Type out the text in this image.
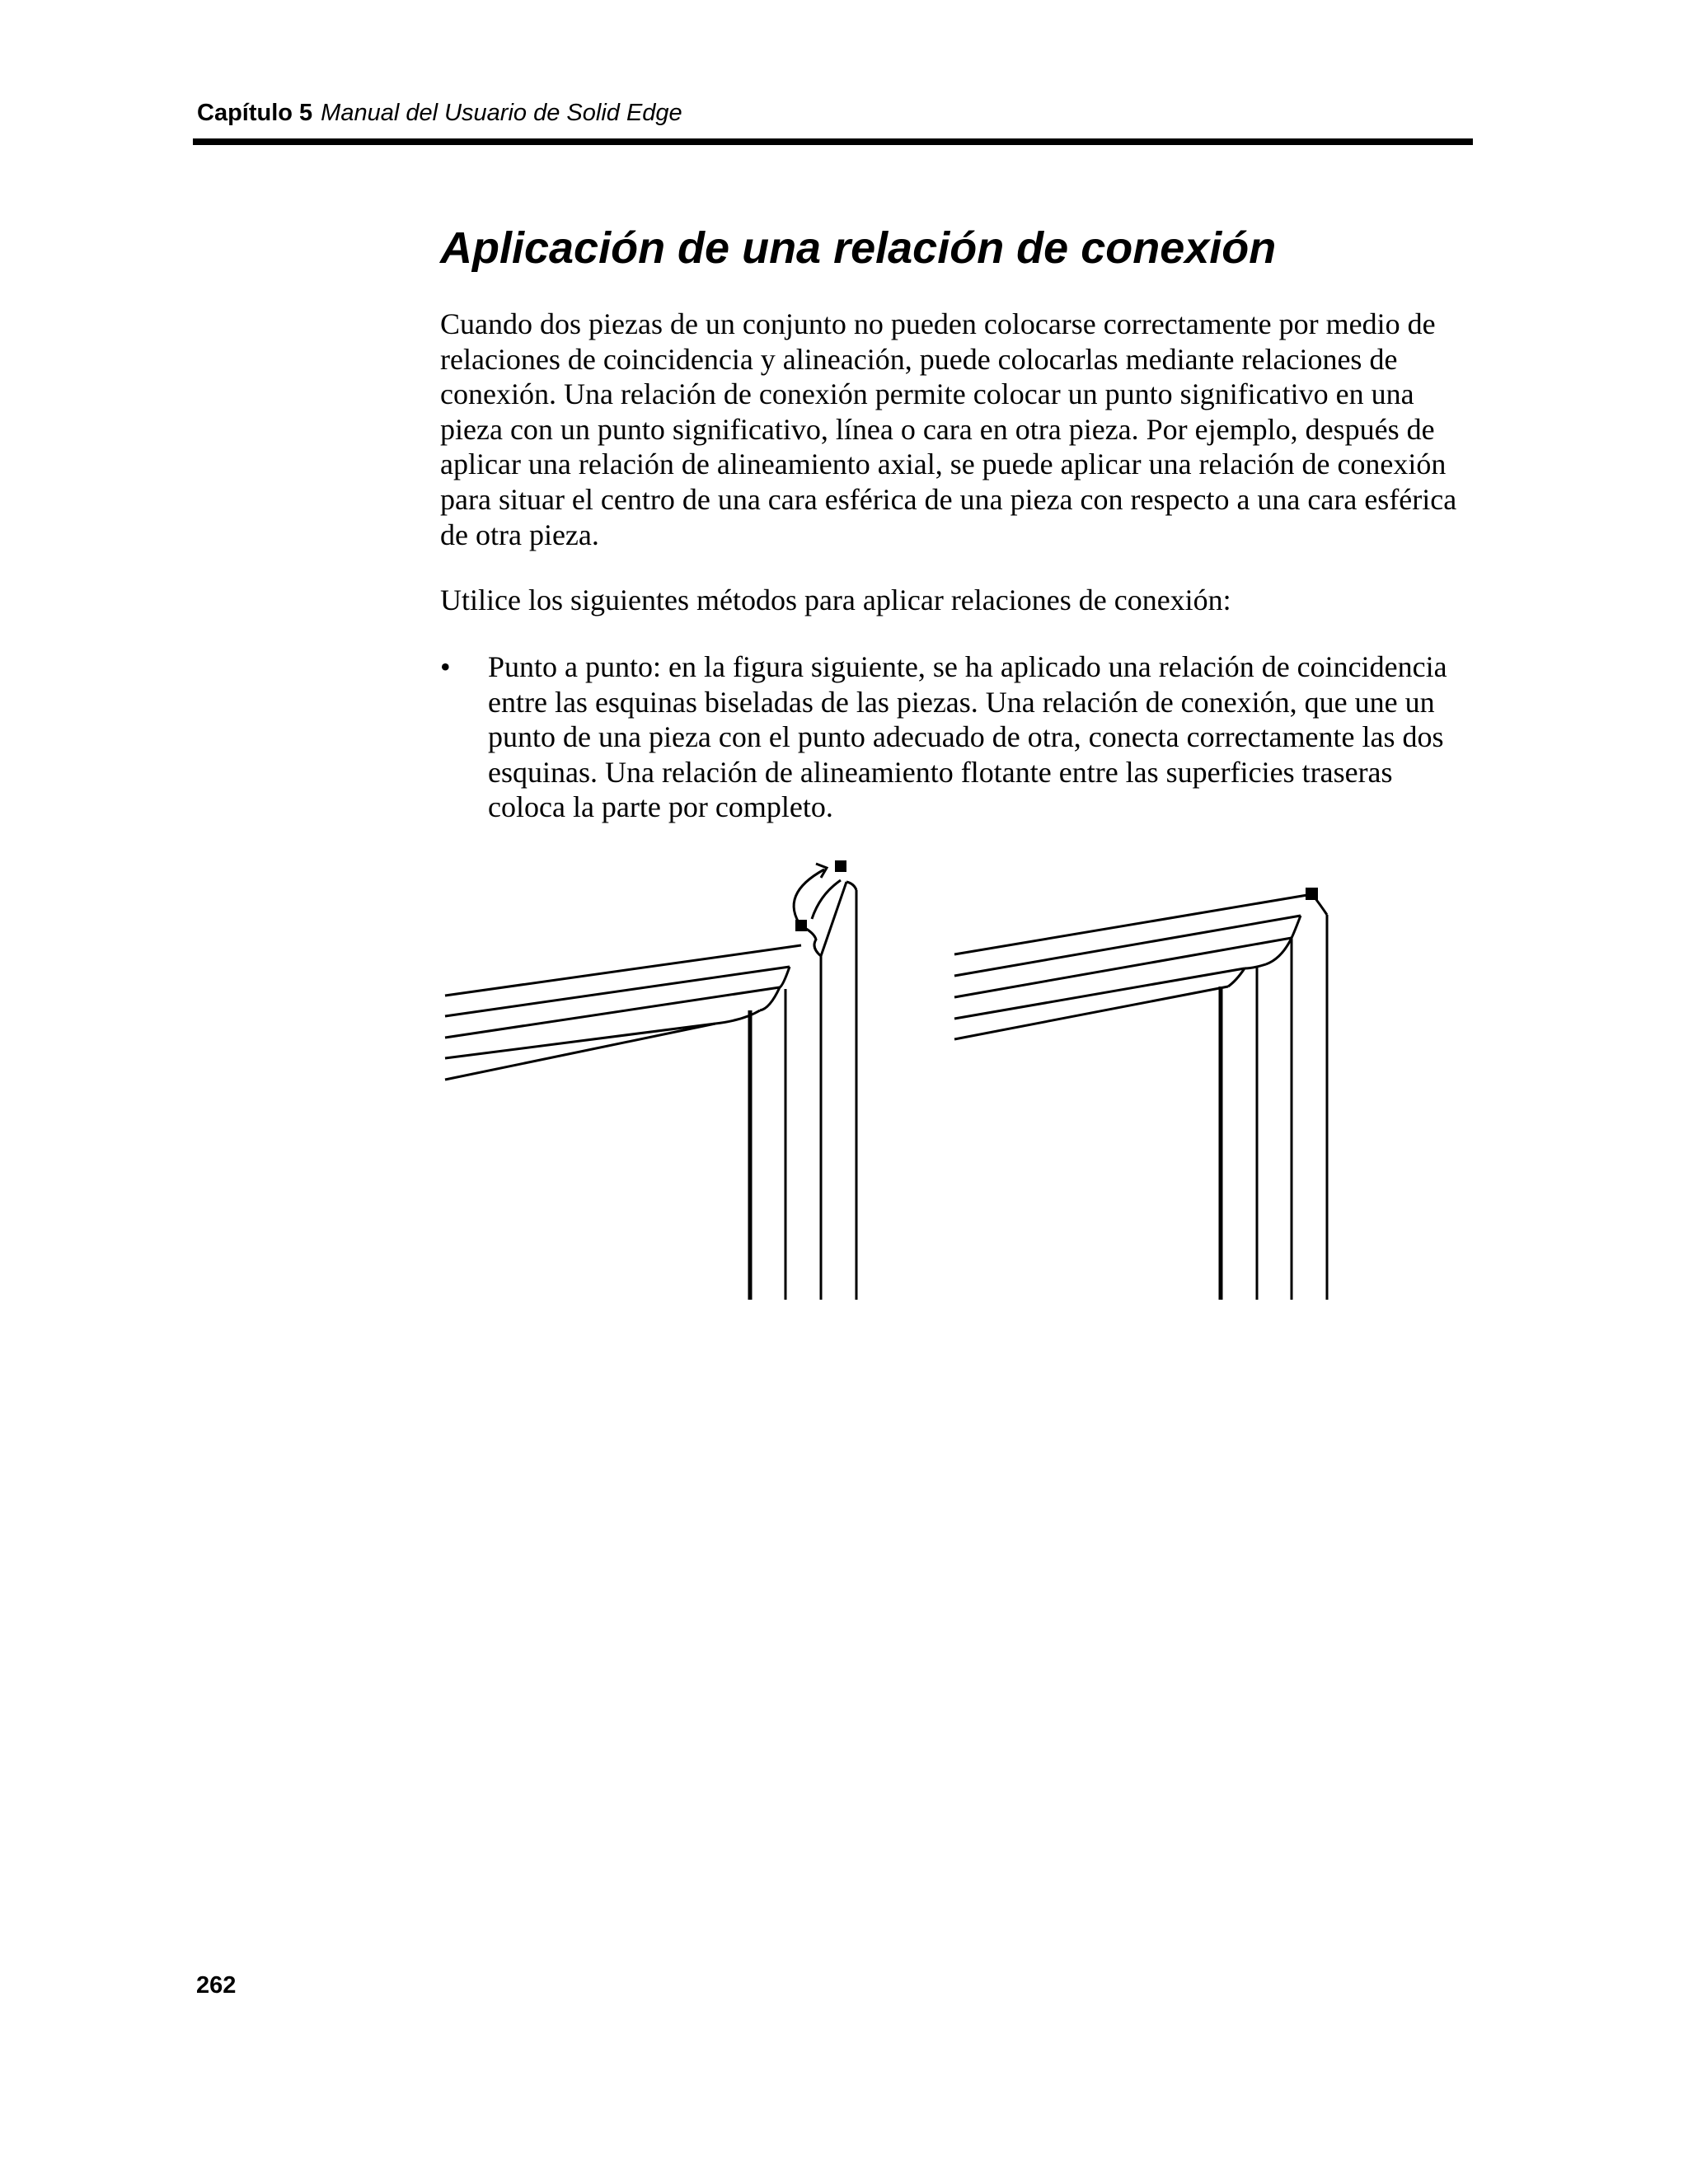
Capítulo 5 Manual del Usuario de Solid Edge
Aplicación de una relación de conexión

Cuando dos piezas de un conjunto no pueden colocarse correctamente por medio de relaciones de coincidencia y alineación, puede colocarlas mediante relaciones de conexión. Una relación de conexión permite colocar un punto significativo en una pieza con un punto significativo, línea o cara en otra pieza. Por ejemplo, después de aplicar una relación de alineamiento axial, se puede aplicar una relación de conexión para situar el centro de una cara esférica de una pieza con respecto a una cara esférica de otra pieza.

Utilice los siguientes métodos para aplicar relaciones de conexión:

• Punto a punto: en la figura siguiente, se ha aplicado una relación de coincidencia entre las esquinas biseladas de las piezas. Una relación de conexión, que une un punto de una pieza con el punto adecuado de otra, conecta correctamente las dos esquinas. Una relación de alineamiento flotante entre las superficies traseras coloca la parte por completo.
262
